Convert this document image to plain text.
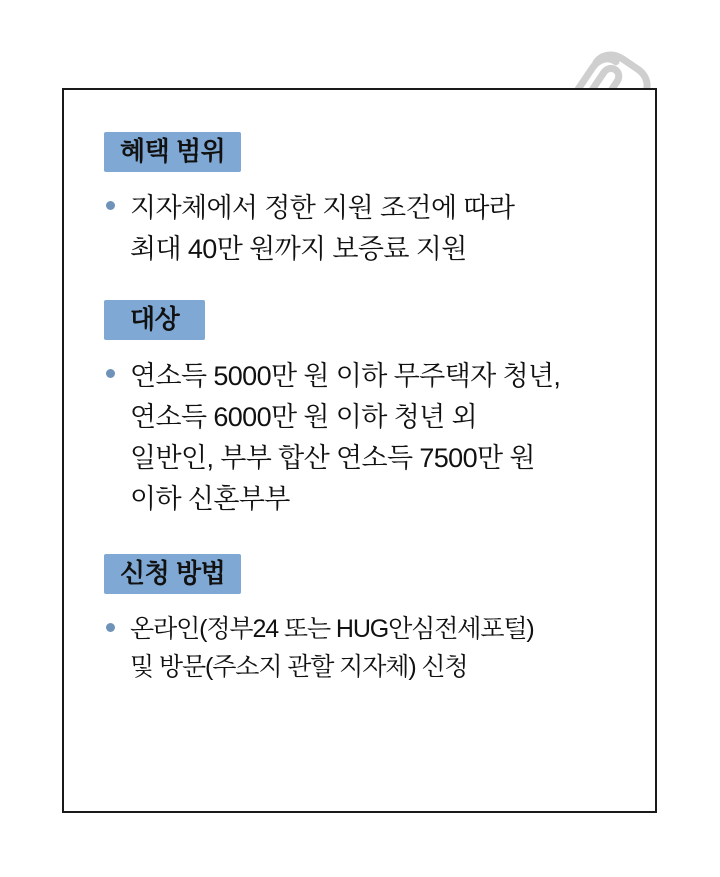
혜택 범위
지자체에서 정한 지원 조건에 따라
최대 40만 원까지 보증료 지원
대상
연소득 5000만 원 이하 무주택자 청년,
연소득 6000만 원 이하 청년 외
일반인, 부부 합산 연소득 7500만 원
이하 신혼부부
신청 방법
온라인(정부24 또는 HUG안심전세포털)
및 방문(주소지 관할 지자체) 신청
